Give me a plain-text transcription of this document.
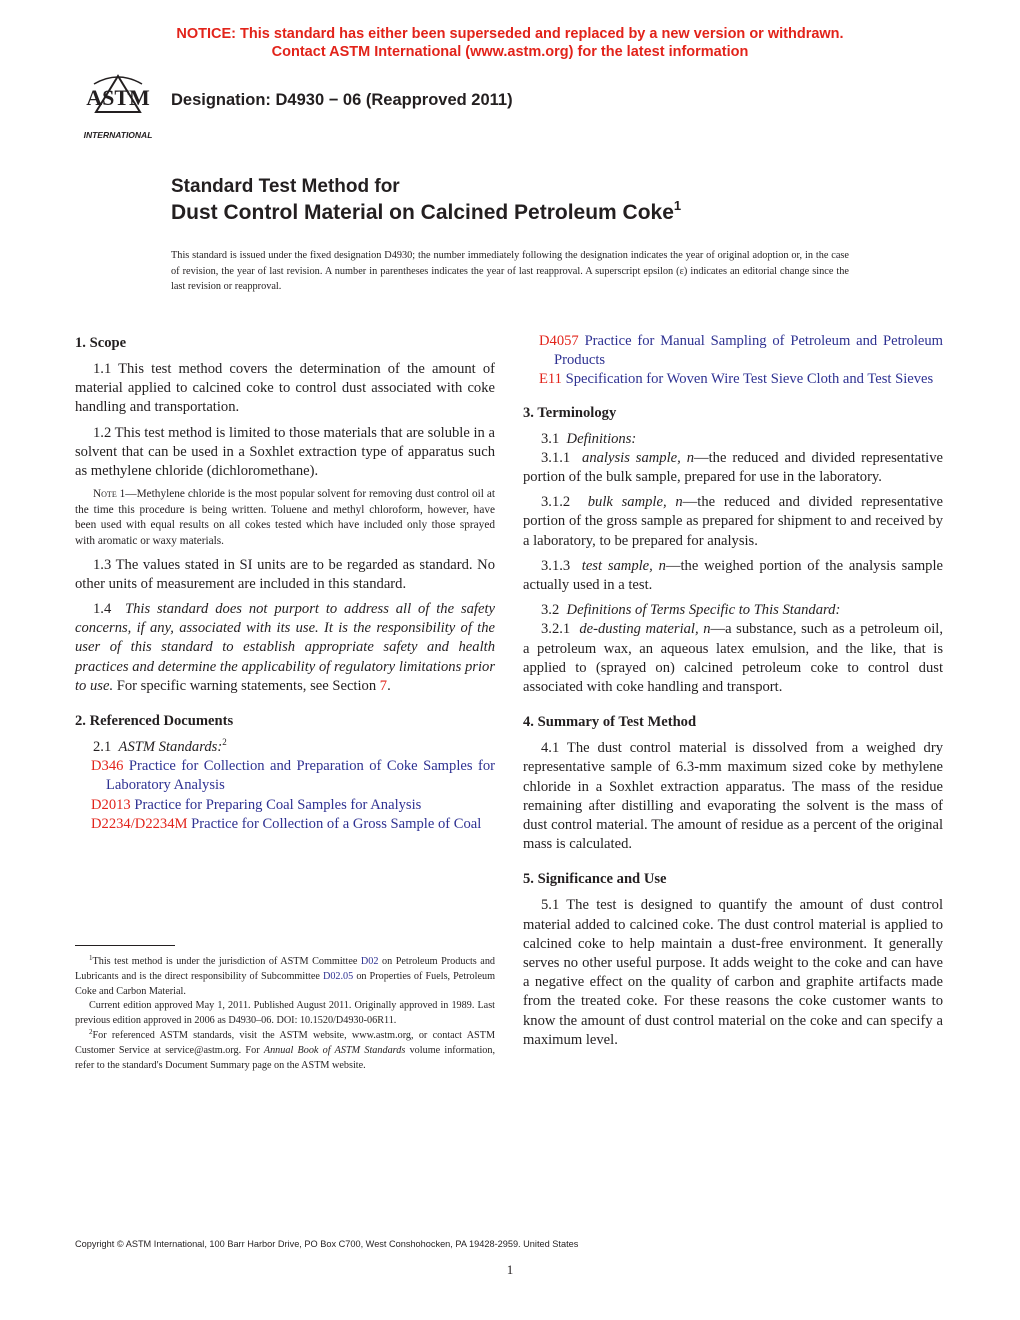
NOTICE: This standard has either been superseded and replaced by a new version or withdrawn.
Contact ASTM International (www.astm.org) for the latest information
ASTM
INTERNATIONAL
Designation: D4930 − 06 (Reapproved 2011)
Standard Test Method for
Dust Control Material on Calcined Petroleum Coke$^1$
This standard is issued under the fixed designation D4930; the number immediately following the designation indicates the year of original adoption or, in the case of revision, the year of last revision. A number in parentheses indicates the year of last reapproval. A superscript epsilon (ε) indicates an editorial change since the last revision or reapproval.
1. Scope

1.1 This test method covers the determination of the amount of material applied to calcined coke to control dust associated with coke handling and transportation.

1.2 This test method is limited to those materials that are soluble in a solvent that can be used in a Soxhlet extraction type of apparatus such as methylene chloride (dichloromethane).

Note 1—Methylene chloride is the most popular solvent for removing dust control oil at the time this procedure is being written. Toluene and methyl chloroform, however, have been used with equal results on all cokes tested which have included only those sprayed with aromatic or waxy materials.

1.3 The values stated in SI units are to be regarded as standard. No other units of measurement are included in this standard.

1.4 This standard does not purport to address all of the safety concerns, if any, associated with its use. It is the responsibility of the user of this standard to establish appropriate safety and health practices and determine the applicability of regulatory limitations prior to use. For specific warning statements, see Section 7.

2. Referenced Documents

2.1 ASTM Standards:$^2$

D346 Practice for Collection and Preparation of Coke Samples for Laboratory Analysis
D2013 Practice for Preparing Coal Samples for Analysis
D2234/D2234M Practice for Collection of a Gross Sample of Coal

$^1$This test method is under the jurisdiction of ASTM Committee D02 on Petroleum Products and Lubricants and is the direct responsibility of Subcommittee D02.05 on Properties of Fuels, Petroleum Coke and Carbon Material.

Current edition approved May 1, 2011. Published August 2011. Originally approved in 1989. Last previous edition approved in 2006 as D4930–06. DOI: 10.1520/D4930-06R11.

$^2$For referenced ASTM standards, visit the ASTM website, www.astm.org, or contact ASTM Customer Service at service@astm.org. For Annual Book of ASTM Standards volume information, refer to the standard's Document Summary page on the ASTM website.

D4057 Practice for Manual Sampling of Petroleum and Petroleum Products
E11 Specification for Woven Wire Test Sieve Cloth and Test Sieves
3. Terminology

3.1 Definitions:

3.1.1 analysis sample, n—the reduced and divided representative portion of the bulk sample, prepared for use in the laboratory.

3.1.2 bulk sample, n—the reduced and divided representative portion of the gross sample as prepared for shipment to and received by a laboratory, to be prepared for analysis.

3.1.3 test sample, n—the weighed portion of the analysis sample actually used in a test.

3.2 Definitions of Terms Specific to This Standard:

3.2.1 de-dusting material, n—a substance, such as a petroleum oil, a petroleum wax, an aqueous latex emulsion, and the like, that is applied to (sprayed on) calcined petroleum coke to control dust associated with coke handling and transport.

4. Summary of Test Method

4.1 The dust control material is dissolved from a weighed dry representative sample of 6.3-mm maximum sized coke by methylene chloride in a Soxhlet extraction apparatus. The mass of the residue remaining after distilling and evaporating the solvent is the mass of dust control material. The amount of residue as a percent of the original mass is calculated.

5. Significance and Use

5.1 The test is designed to quantify the amount of dust control material added to calcined coke. The dust control material is applied to calcined coke to help maintain a dust-free environment. It generally serves no other useful purpose. It adds weight to the coke and can have a negative effect on the quality of carbon and graphite artifacts made from the treated coke. For these reasons the coke customer wants to know the amount of dust control material on the coke and can specify a maximum level.

Copyright © ASTM International, 100 Barr Harbor Drive, PO Box C700, West Conshohocken, PA 19428-2959. United States
1
